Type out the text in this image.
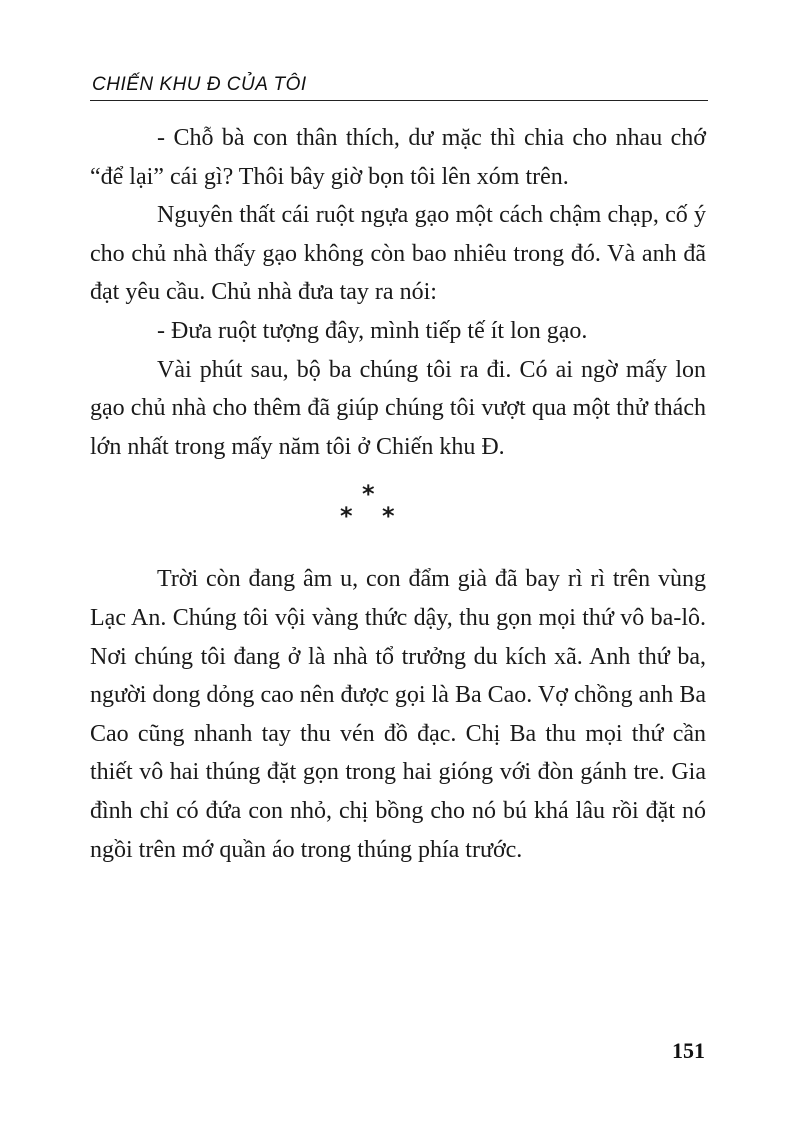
CHIẾN KHU Đ CỦA TÔI

- Chỗ bà con thân thích, dư mặc thì chia cho nhau chớ “để lại” cái gì? Thôi bây giờ bọn tôi lên xóm trên.

Nguyên thất cái ruột ngựa gạo một cách chậm chạp, cố ý cho chủ nhà thấy gạo không còn bao nhiêu trong đó. Và anh đã đạt yêu cầu. Chủ nhà đưa tay ra nói:

- Đưa ruột tượng đây, mình tiếp tế ít lon gạo.

Vài phút sau, bộ ba chúng tôi ra đi. Có ai ngờ mấy lon gạo chủ nhà cho thêm đã giúp chúng tôi vượt qua một thử thách lớn nhất trong mấy năm tôi ở Chiến khu Đ.

*
* *

Trời còn đang âm u, con đẩm già đã bay rì rì trên vùng Lạc An. Chúng tôi vội vàng thức dậy, thu gọn mọi thứ vô ba-lô. Nơi chúng tôi đang ở là nhà tổ trưởng du kích xã. Anh thứ ba, người dong dỏng cao nên được gọi là Ba Cao. Vợ chồng anh Ba Cao cũng nhanh tay thu vén đồ đạc. Chị Ba thu mọi thứ cần thiết vô hai thúng đặt gọn trong hai gióng với đòn gánh tre. Gia đình chỉ có đứa con nhỏ, chị bồng cho nó bú khá lâu rồi đặt nó ngồi trên mớ quần áo trong thúng phía trước.

151
